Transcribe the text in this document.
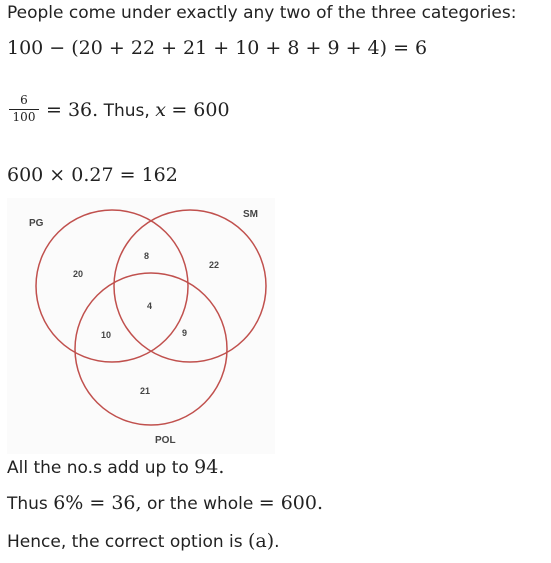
People come under exactly any two of the three categories:
100 − (20 + 22 + 21 + 10 + 8 + 9 + 4) = 6
6
100 = 36. Thus, x = 600
600 × 0.27 = 162
PG
SM
POL
20
8
22
4
10	9
21
All the no.s add up to 94.
Thus 6% = 36, or the whole = 600.
Hence, the correct option is (a).
